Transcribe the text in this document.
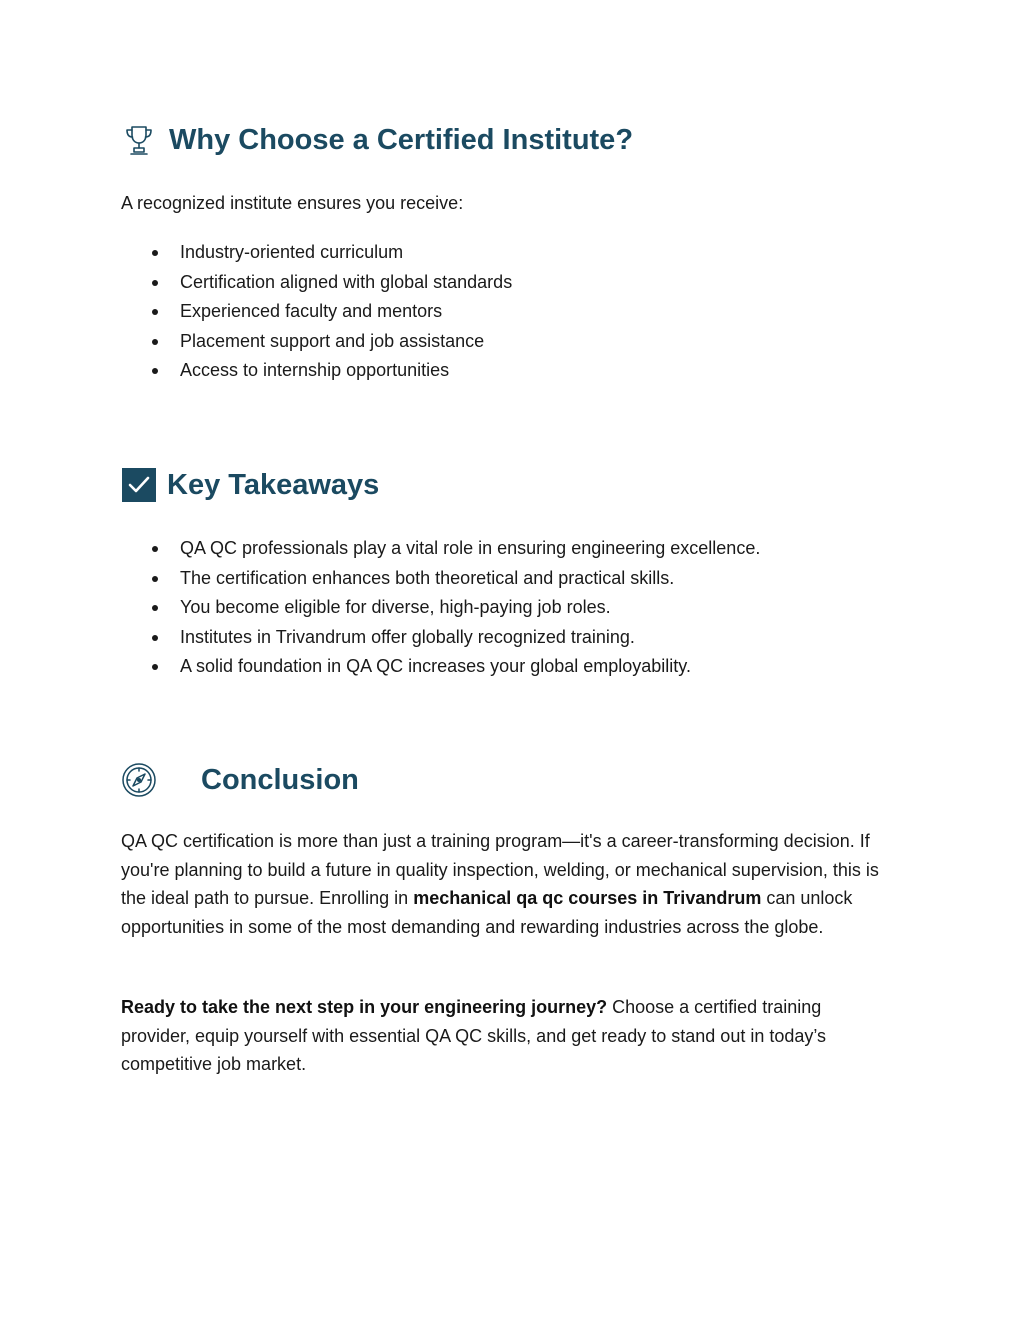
Why Choose a Certified Institute?
A recognized institute ensures you receive:
Industry-oriented curriculum
Certification aligned with global standards
Experienced faculty and mentors
Placement support and job assistance
Access to internship opportunities
Key Takeaways
QA QC professionals play a vital role in ensuring engineering excellence.
The certification enhances both theoretical and practical skills.
You become eligible for diverse, high-paying job roles.
Institutes in Trivandrum offer globally recognized training.
A solid foundation in QA QC increases your global employability.
Conclusion

QA QC certification is more than just a training program—it's a career-transforming decision. If you're planning to build a future in quality inspection, welding, or mechanical supervision, this is the ideal path to pursue. Enrolling in mechanical qa qc courses in Trivandrum can unlock opportunities in some of the most demanding and rewarding industries across the globe.

Ready to take the next step in your engineering journey? Choose a certified training provider, equip yourself with essential QA QC skills, and get ready to stand out in today’s competitive job market.
